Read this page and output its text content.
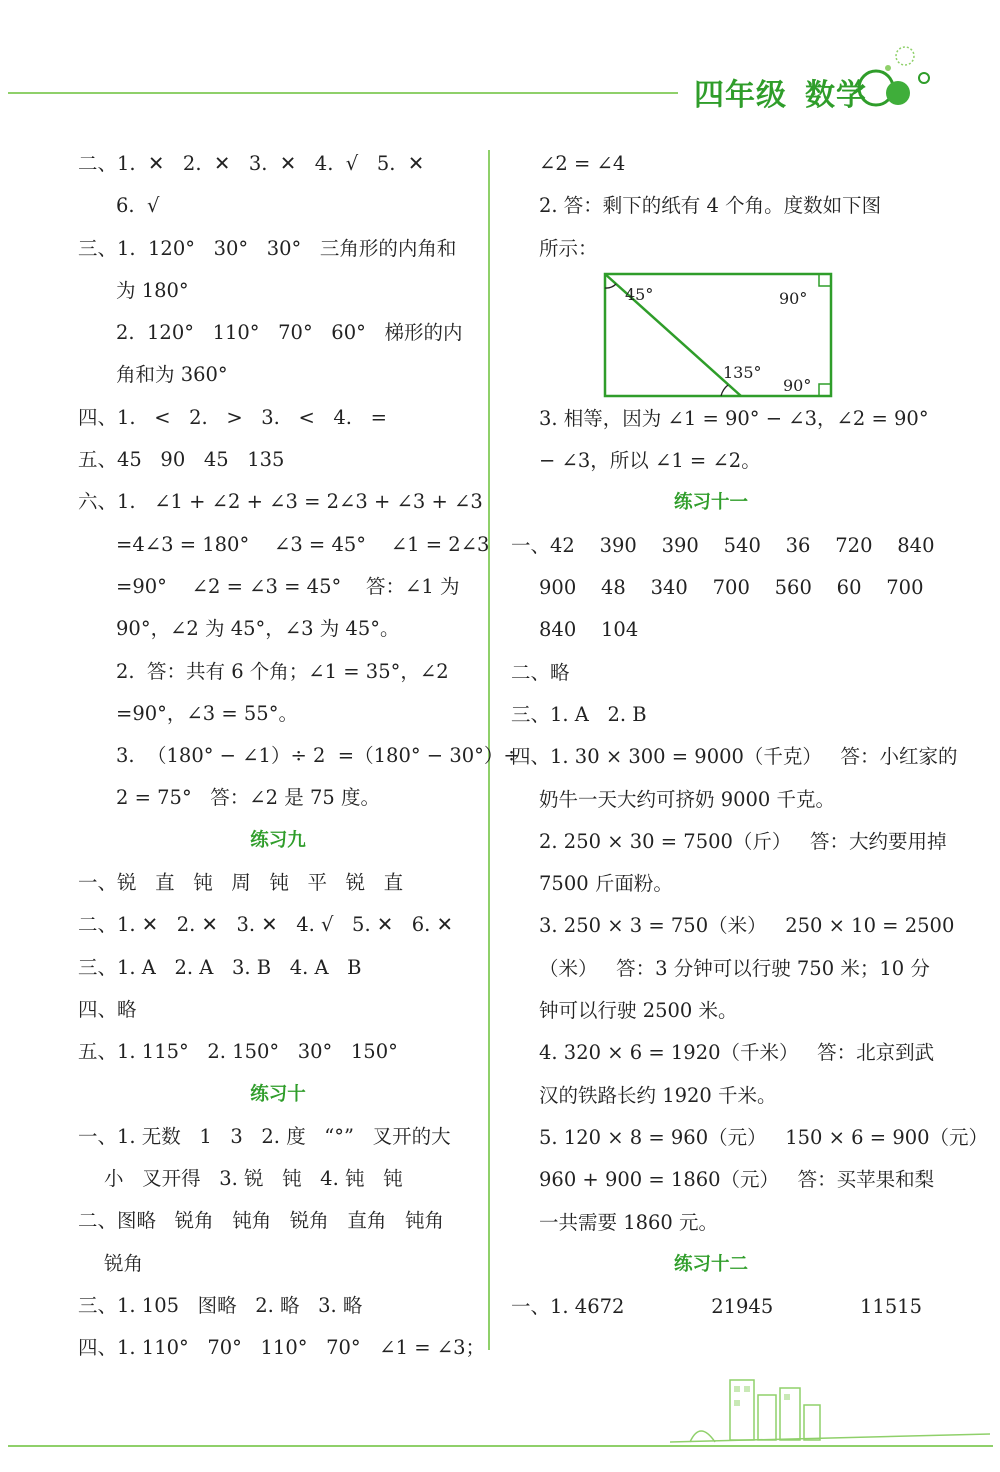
四年级 数学
二、1.  ✕   2.  ✕   3.  ✕   4.  √   5.  ✕
6.  √
三、1.  120°   30°   30°   三角形的内角和
为 180°
2.  120°   110°   70°   60°   梯形的内
角和为 360°
四、1.   <   2.   >   3.   <   4.   =
五、45   90   45   135
六、1.   ∠1 + ∠2 + ∠3 = 2∠3 + ∠3 + ∠3
=4∠3 = 180°    ∠3 = 45°    ∠1 = 2∠3
=90°    ∠2 = ∠3 = 45°    答：∠1 为
90°，∠2 为 45°，∠3 为 45°。
2.  答：共有 6 个角；∠1 = 35°，∠2
=90°，∠3 = 55°。
3.  （180° − ∠1）÷ 2  =（180° − 30°）÷
2 = 75°   答：∠2 是 75 度。
练习九
一、锐   直   钝   周   钝   平   锐   直
二、1. ✕   2. ✕   3. ✕   4. √   5. ✕   6. ✕
三、1. A   2. A   3. B   4. A   B
四、略
五、1. 115°   2. 150°   30°   150°
练习十
一、1. 无数   1   3   2. 度   “°”   叉开的大
小   叉开得   3. 锐   钝   4. 钝   钝
二、图略   锐角   钝角   锐角   直角   钝角
锐角
三、1. 105   图略   2. 略   3. 略
四、1. 110°   70°   110°   70°   ∠1 = ∠3；
∠2 = ∠4
2. 答：剩下的纸有 4 个角。度数如下图
所示：
45°	90°
135°
90°
3. 相等，因为 ∠1 = 90° − ∠3，∠2 = 90°
− ∠3，所以 ∠1 = ∠2。
练习十一
一、42    390    390    540    36    720    840
900    48    340    700    560    60    700
840    104
二、略
三、1. A   2. B
四、1. 30 × 300 = 9000（千克）   答：小红家的
奶牛一天大约可挤奶 9000 千克。
2. 250 × 30 = 7500（斤）   答：大约要用掉
7500 斤面粉。
3. 250 × 3 = 750（米）   250 × 10 = 2500
（米）   答：3 分钟可以行驶 750 米；10 分
钟可以行驶 2500 米。
4. 320 × 6 = 1920（千米）   答：北京到武
汉的铁路长约 1920 千米。
5. 120 × 8 = 960（元）   150 × 6 = 900（元）
960 + 900 = 1860（元）   答：买苹果和梨
一共需要 1860 元。
练习十二
一、1. 4672              21945              11515
